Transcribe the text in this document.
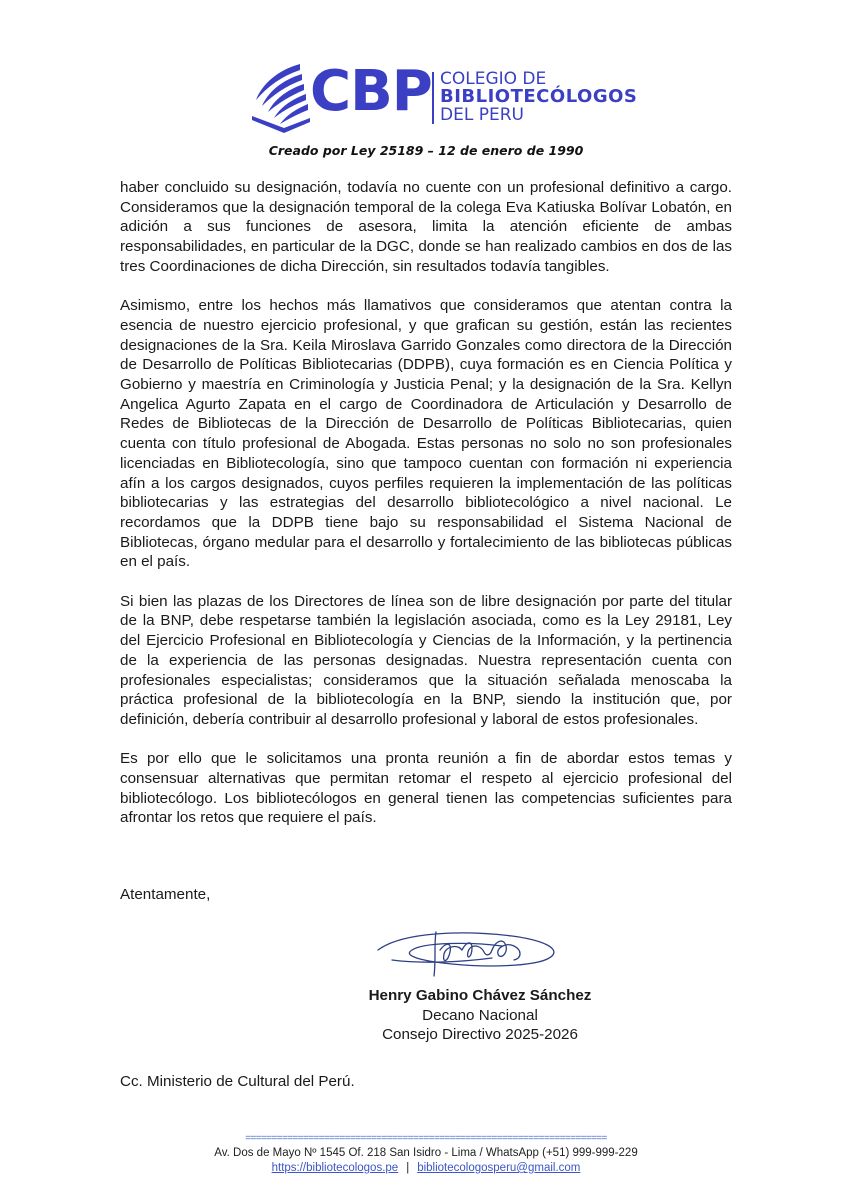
CBP COLEGIO DE
BIBLIOTECÓLOGOS
DEL PERU
Creado por Ley 25189 – 12 de enero de 1990

haber concluido su designación, todavía no cuente con un profesional definitivo a cargo. Consideramos que la designación temporal de la colega Eva Katiuska Bolívar Lobatón, en adición a sus funciones de asesora, limita la atención eficiente de ambas responsabilidades, en particular de la DGC, donde se han realizado cambios en dos de las tres Coordinaciones de dicha Dirección, sin resultados todavía tangibles.

Asimismo, entre los hechos más llamativos que consideramos que atentan contra la esencia de nuestro ejercicio profesional, y que grafican su gestión, están las recientes designaciones de la Sra. Keila Miroslava Garrido Gonzales como directora de la Dirección de Desarrollo de Políticas Bibliotecarias (DDPB), cuya formación es en Ciencia Política y Gobierno y maestría en Criminología y Justicia Penal; y la designación de la Sra. Kellyn Angelica Agurto Zapata en el cargo de Coordinadora de Articulación y Desarrollo de Redes de Bibliotecas de la Dirección de Desarrollo de Políticas Bibliotecarias, quien cuenta con título profesional de Abogada. Estas personas no solo no son profesionales licenciadas en Bibliotecología, sino que tampoco cuentan con formación ni experiencia afín a los cargos designados, cuyos perfiles requieren la implementación de las políticas bibliotecarias y las estrategias del desarrollo bibliotecológico a nivel nacional. Le recordamos que la DDPB tiene bajo su responsabilidad el Sistema Nacional de Bibliotecas, órgano medular para el desarrollo y fortalecimiento de las bibliotecas públicas en el país.

Si bien las plazas de los Directores de línea son de libre designación por parte del titular de la BNP, debe respetarse también la legislación asociada, como es la Ley 29181, Ley del Ejercicio Profesional en Bibliotecología y Ciencias de la Información, y la pertinencia de la experiencia de las personas designadas. Nuestra representación cuenta con profesionales especialistas; consideramos que la situación señalada menoscaba la práctica profesional de la bibliotecología en la BNP, siendo la institución que, por definición, debería contribuir al desarrollo profesional y laboral de estos profesionales.

Es por ello que le solicitamos una pronta reunión a fin de abordar estos temas y consensuar alternativas que permitan retomar el respeto al ejercicio profesional del bibliotecólogo. Los bibliotecólogos en general tienen las competencias suficientes para afrontar los retos que requiere el país.

Atentamente,
Henry Gabino Chávez Sánchez
Decano Nacional
Consejo Directivo 2025-2026
Cc. Ministerio de Cultural del Perú.
=====================================================================
Av. Dos de Mayo Nº 1545 Of. 218 San Isidro - Lima / WhatsApp (+51) 999-999-229
https://bibliotecologos.pe | bibliotecologosperu@gmail.com
